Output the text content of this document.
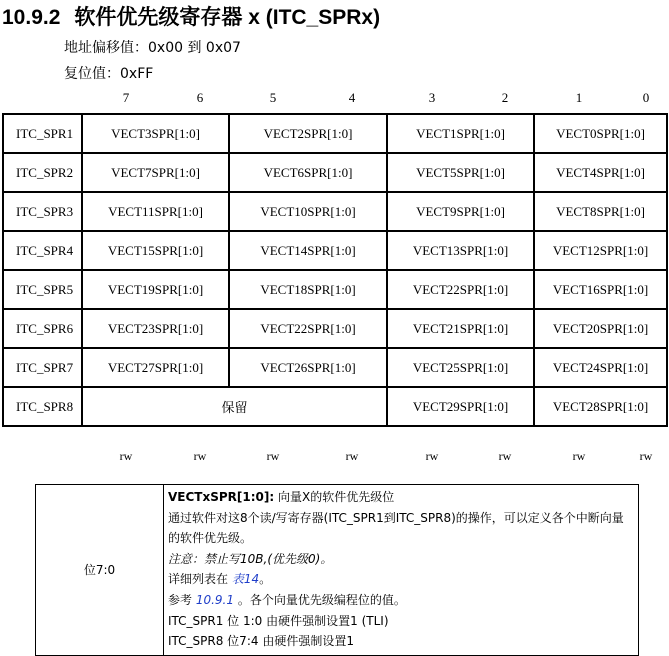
10.9.2 软件优先级寄存器 x (ITC_SPRx)
地址偏移值：0x00 到 0x07
复位值：0xFF
7	6	5	4	3	2	1	0
ITC_SPR1	VECT3SPR[1:0]	VECT2SPR[1:0]	VECT1SPR[1:0]	VECT0SPR[1:0]
ITC_SPR2	VECT7SPR[1:0]	VECT6SPR[1:0]	VECT5SPR[1:0]	VECT4SPR[1:0]
ITC_SPR3	VECT11SPR[1:0]	VECT10SPR[1:0]	VECT9SPR[1:0]	VECT8SPR[1:0]
ITC_SPR4	VECT15SPR[1:0]	VECT14SPR[1:0]	VECT13SPR[1:0]	VECT12SPR[1:0]
ITC_SPR5	VECT19SPR[1:0]	VECT18SPR[1:0]	VECT22SPR[1:0]	VECT16SPR[1:0]
ITC_SPR6	VECT23SPR[1:0]	VECT22SPR[1:0]	VECT21SPR[1:0]	VECT20SPR[1:0]
ITC_SPR7	VECT27SPR[1:0]	VECT26SPR[1:0]	VECT25SPR[1:0]	VECT24SPR[1:0]
ITC_SPR8	保留		VECT29SPR[1:0]	VECT28SPR[1:0]
rw	rw	rw	rw	rw	rw	rw	rw
位7:0	
VECTxSPR[1:0]: 向量X的软件优先级位
通过软件对这8个读/写寄存器(ITC_SPR1到ITC_SPR8)的操作，可以定义各个中断向量的软件优先级。
注意：禁止写10B,(优先级0)。
详细列表在 表14。
参考 10.9.1 。各个向量优先级编程位的值。
ITC_SPR1 位 1:0 由硬件强制设置1 (TLI)
ITC_SPR8 位7:4 由硬件强制设置1
